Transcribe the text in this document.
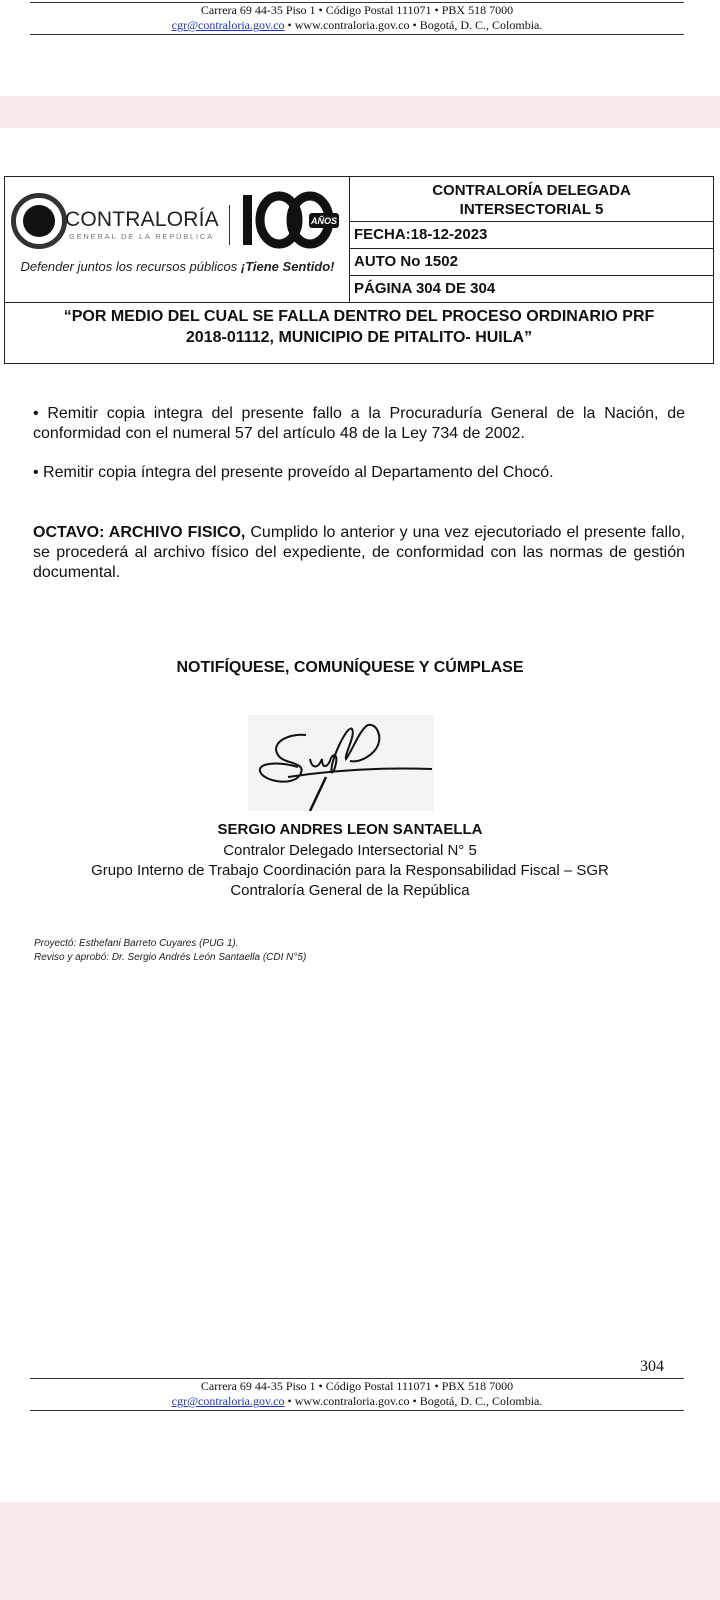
Carrera 69 44-35 Piso 1 • Código Postal 111071 • PBX 518 7000
cgr@contraloria.gov.co • www.contraloria.gov.co • Bogotá, D. C., Colombia.
CONTRALORÍA
GENERAL DE LA REPÚBLICA
AÑOS
Defender juntos los recursos públicos ¡Tiene Sentido!
CONTRALORÍA DELEGADA
INTERSECTORIAL 5
FECHA:18-12-2023
AUTO No 1502
PÁGINA 304 DE 304
“POR MEDIO DEL CUAL SE FALLA DENTRO DEL PROCESO ORDINARIO PRF
2018-01112, MUNICIPIO DE PITALITO- HUILA”

• Remitir copia integra del presente fallo a la Procuraduría General de la Nación, de conformidad con el numeral 57 del artículo 48 de la Ley 734 de 2002.

• Remitir copia íntegra del presente proveído al Departamento del Chocó.

OCTAVO: ARCHIVO FISICO, Cumplido lo anterior y una vez ejecutoriado el presente fallo, se procederá al archivo físico del expediente, de conformidad con las normas de gestión documental.

NOTIFÍQUESE, COMUNÍQUESE Y CÚMPLASE
SERGIO ANDRES LEON SANTAELLA
Contralor Delegado Intersectorial N° 5
Grupo Interno de Trabajo Coordinación para la Responsabilidad Fiscal – SGR
Contraloría General de la República
Proyectó: Esthefani Barreto Cuyares (PUG 1).
Reviso y aprobó: Dr. Sergio Andrés León Santaella (CDI N°5)
304
Carrera 69 44-35 Piso 1 • Código Postal 111071 • PBX 518 7000
cgr@contraloria.gov.co • www.contraloria.gov.co • Bogotá, D. C., Colombia.
